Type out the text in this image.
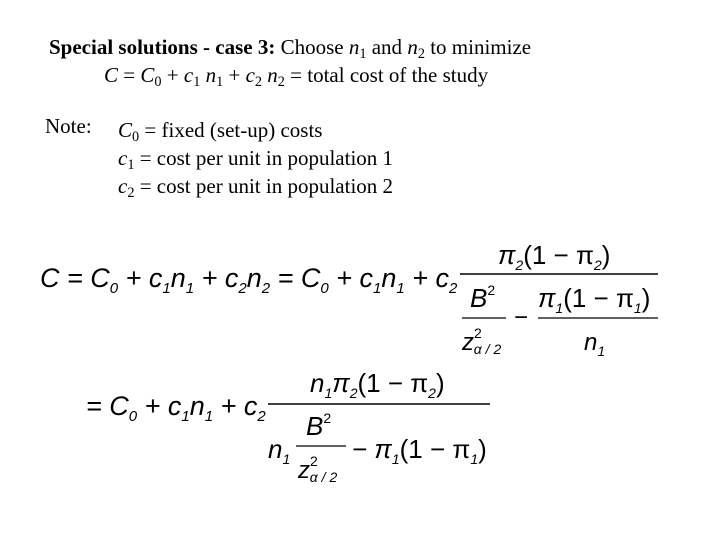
Special solutions - case 3: Choose $n_1$ and $n_2$ to minimize
$C = C_0 + c_1$ $n_1 + c_2$ $n_2$ = total cost of the study
Note: $C_0$ = fixed (set-up) costs
$c_1 = \cos t$ per unit in population 1
$c_2 = \cos t$ per unit in population 2
$C = C_0 + c_1n_1 + c_2n_2 = C_0 + c_1n_1 + c_2$
$\pi_2(1 - \pi_2)$
$B^2$
$z^2$ α / 2
−
$\pi_1(1 - \pi_1)$
$n_1$
= $C_0 + c_1n_1 + c_2$
$n_1\pi_2(1 - \pi_2)$
$B^2$
$n_1$ $z^2$ α / 2
− $\pi_1(1 - \pi_1)$
